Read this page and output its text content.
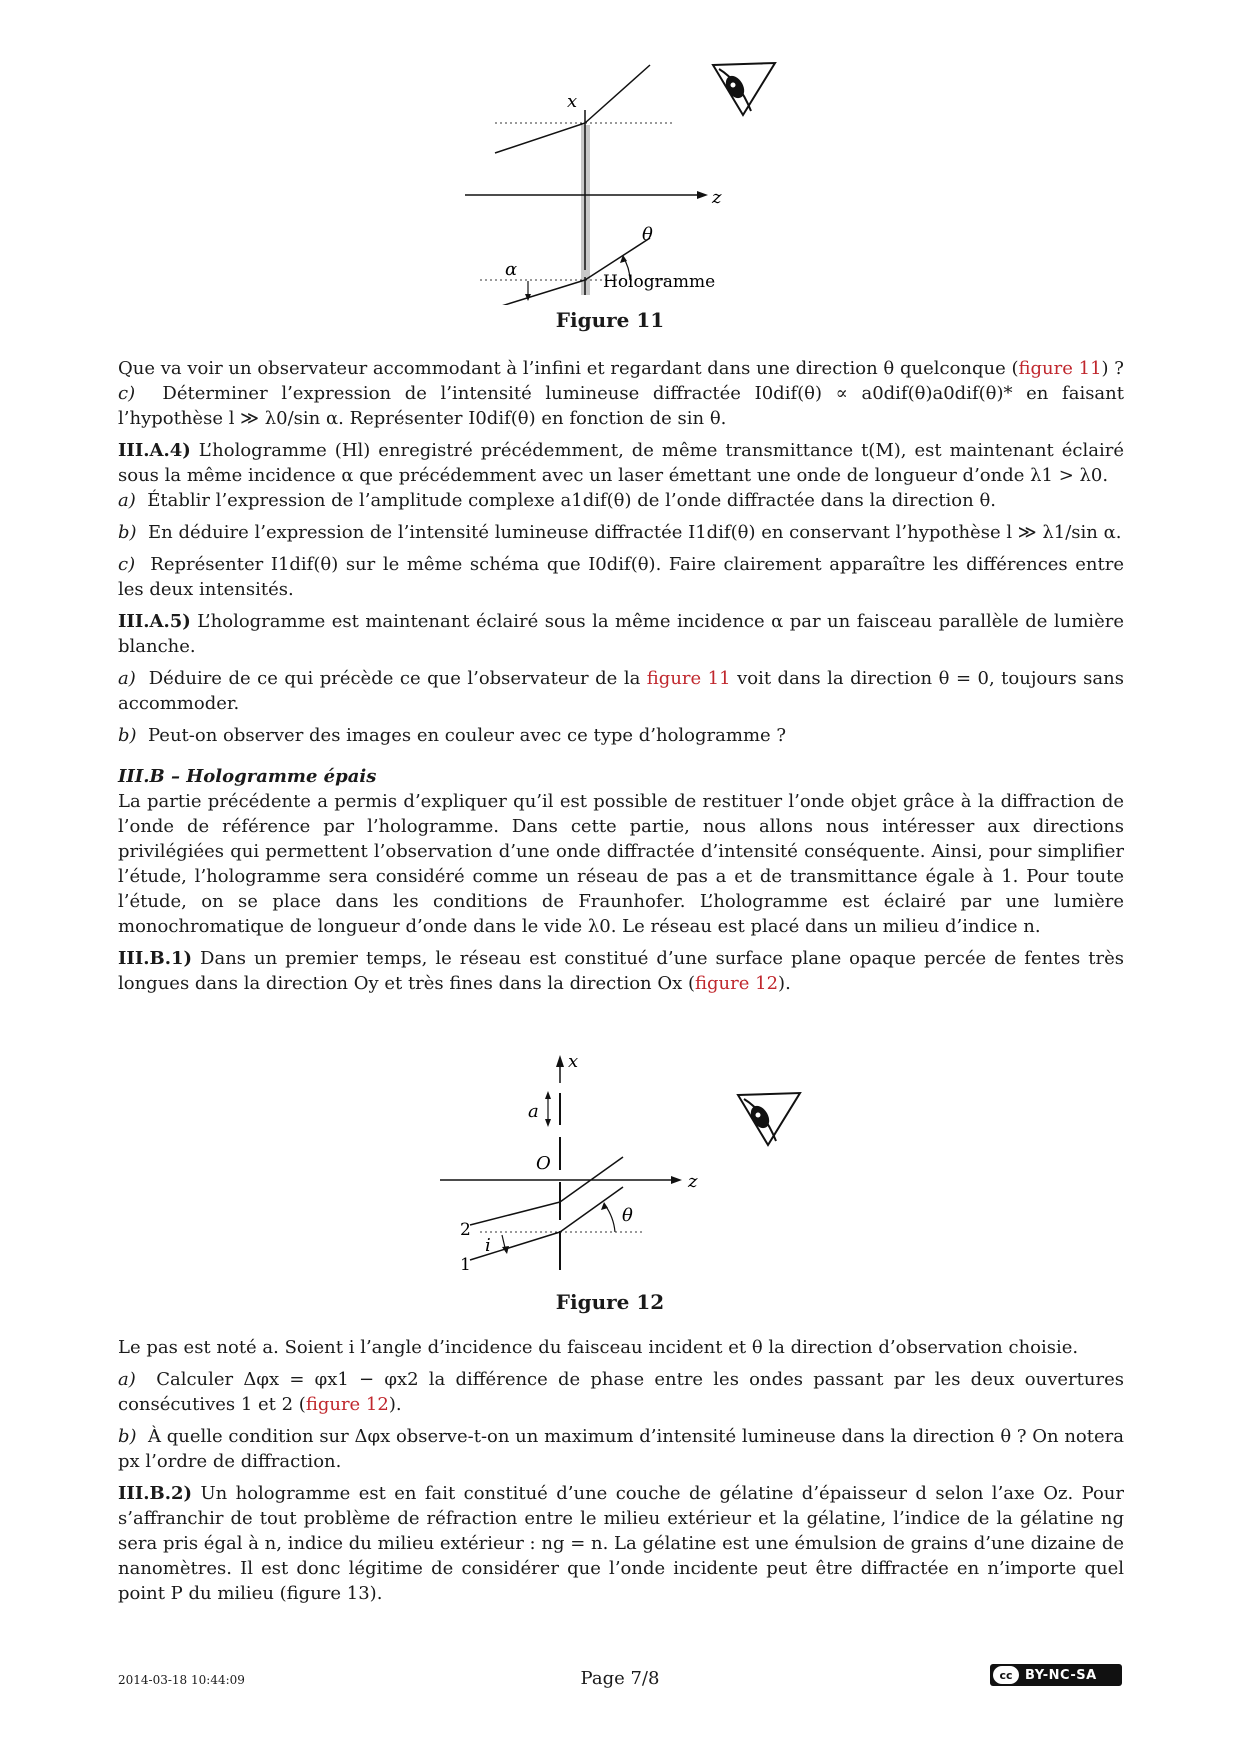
x
z
θ
α
Hologramme
Figure 11

Que va voir un observateur accommodant à l’infini et regardant dans une direction θ quelconque (figure 11) ?

c) Déterminer l’expression de l’intensité lumineuse diffractée I0dif(θ) ∝ a0dif(θ)a0dif(θ)* en faisant l’hypothèse l ≫ λ0/sin α. Représenter I0dif(θ) en fonction de sin θ.

III.A.4) L’hologramme (Hl) enregistré précédemment, de même transmittance t(M), est maintenant éclairé sous la même incidence α que précédemment avec un laser émettant une onde de longueur d’onde λ1 > λ0.

a) Établir l’expression de l’amplitude complexe a1dif(θ) de l’onde diffractée dans la direction θ.

b) En déduire l’expression de l’intensité lumineuse diffractée I1dif(θ) en conservant l’hypothèse l ≫ λ1/sin α.

c) Représenter I1dif(θ) sur le même schéma que I0dif(θ). Faire clairement apparaître les différences entre les deux intensités.

III.A.5) L’hologramme est maintenant éclairé sous la même incidence α par un faisceau parallèle de lumière blanche.

a) Déduire de ce qui précède ce que l’observateur de la figure 11 voit dans la direction θ = 0, toujours sans accommoder.

b) Peut-on observer des images en couleur avec ce type d’hologramme ?

III.B – Hologramme épais

La partie précédente a permis d’expliquer qu’il est possible de restituer l’onde objet grâce à la diffraction de l’onde de référence par l’hologramme. Dans cette partie, nous allons nous intéresser aux directions privilégiées qui permettent l’observation d’une onde diffractée d’intensité conséquente. Ainsi, pour simplifier l’étude, l’hologramme sera considéré comme un réseau de pas a et de transmittance égale à 1. Pour toute l’étude, on se place dans les conditions de Fraunhofer. L’hologramme est éclairé par une lumière monochromatique de longueur d’onde dans le vide λ0. Le réseau est placé dans un milieu d’indice n.

III.B.1) Dans un premier temps, le réseau est constitué d’une surface plane opaque percée de fentes très longues dans la direction Oy et très fines dans la direction Ox (figure 12).

x
z
a
O
θ
i
2
1
Figure 12

Le pas est noté a. Soient i l’angle d’incidence du faisceau incident et θ la direction d’observation choisie.

a) Calculer Δφx = φx1 − φx2 la différence de phase entre les ondes passant par les deux ouvertures consécutives 1 et 2 (figure 12).

b) À quelle condition sur Δφx observe-t-on un maximum d’intensité lumineuse dans la direction θ ? On notera px l’ordre de diffraction.

III.B.2) Un hologramme est en fait constitué d’une couche de gélatine d’épaisseur d selon l’axe Oz. Pour s’affranchir de tout problème de réfraction entre le milieu extérieur et la gélatine, l’indice de la gélatine ng sera pris égal à n, indice du milieu extérieur : ng = n. La gélatine est une émulsion de grains d’une dizaine de nanomètres. Il est donc légitime de considérer que l’onde incidente peut être diffractée en n’importe quel point P du milieu (figure 13).

2014-03-18 10:44:09	Page 7/8	cc BY-NC-SA
